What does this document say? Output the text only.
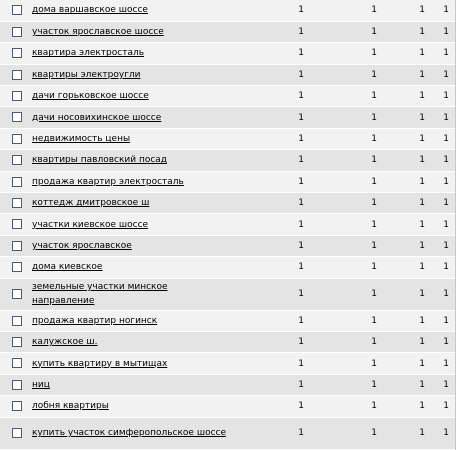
	дома варшавское шоссе	1	1	1	1
	участок ярославское шоссе	1	1	1	1
	квартира электросталь	1	1	1	1
	квартиры электроугли	1	1	1	1
	дачи горьковское шоссе	1	1	1	1
	дачи носовихинское шоссе	1	1	1	1
	недвижимость цены	1	1	1	1
	квартиры павловский посад	1	1	1	1
	продажа квартир электросталь	1	1	1	1
	коттедж дмитровское ш	1	1	1	1
	участки киевское шоссе	1	1	1	1
	участок ярославское	1	1	1	1
	дома киевское	1	1	1	1
	земельные участки минское направление	1	1	1	1
	продажа квартир ногинск	1	1	1	1
	калужское ш.	1	1	1	1
	купить квартиру в мытищах	1	1	1	1
	ниц	1	1	1	1
	лобня квартиры	1	1	1	1
	купить участок симферопольское шоссе	1	1	1	1
